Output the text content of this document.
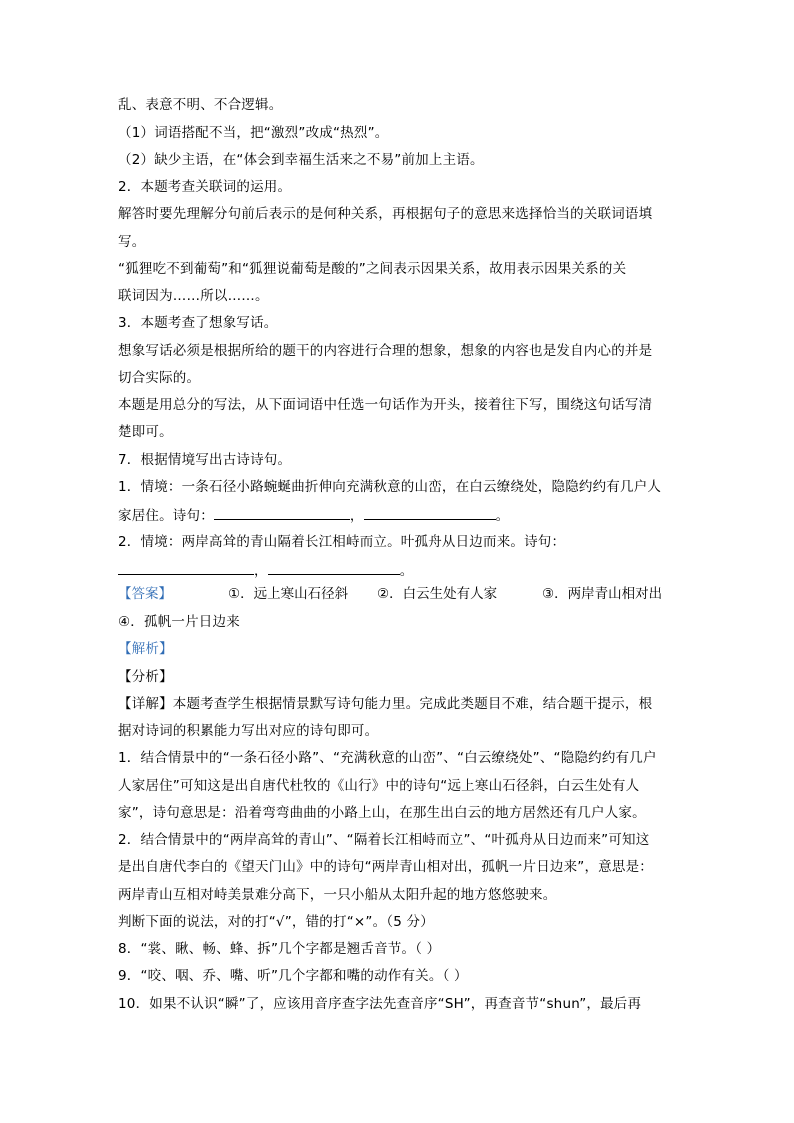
乱、表意不明、不合逻辑。
（1）词语搭配不当，把“激烈”改成“热烈”。
（2）缺少主语，在“体会到幸福生活来之不易”前加上主语。
2．本题考查关联词的运用。
解答时要先理解分句前后表示的是何种关系，再根据句子的意思来选择恰当的关联词语填
写。
“狐狸吃不到葡萄”和“狐狸说葡萄是酸的”之间表示因果关系，故用表示因果关系的关
联词因为……所以……。
3．本题考查了想象写话。
想象写话必须是根据所给的题干的内容进行合理的想象，想象的内容也是发自内心的并是
切合实际的。
本题是用总分的写法，从下面词语中任选一句话作为开头，接着往下写，围绕这句话写清
楚即可。
7．根据情境写出古诗诗句。
1．情境：一条石径小路蜿蜒曲折伸向充满秋意的山峦，在白云缭绕处，隐隐约约有几户人
家居住。诗句：	，	。
2．情境：两岸高耸的青山隔着长江相峙而立。叶孤舟从日边而来。诗句：
，	。
【答案】	①．远上寒山石径斜 ②．白云生处有人家	③．两岸青山相对出
④．孤帆一片日边来
【解析】
【分析】
【详解】本题考查学生根据情景默写诗句能力里。完成此类题目不难，结合题干提示，根
据对诗词的积累能力写出对应的诗句即可。
1．结合情景中的“一条石径小路”、“充满秋意的山峦”、“白云缭绕处”、“隐隐约约有几户
人家居住”可知这是出自唐代杜牧的《山行》中的诗句“远上寒山石径斜，白云生处有人
家”，诗句意思是：沿着弯弯曲曲的小路上山，在那生出白云的地方居然还有几户人家。
2．结合情景中的“两岸高耸的青山”、“隔着长江相峙而立”、“叶孤舟从日边而来”可知这
是出自唐代李白的《望天门山》中的诗句“两岸青山相对出，孤帆一片日边来”，意思是：
两岸青山互相对峙美景难分高下，一只小船从太阳升起的地方悠悠驶来。
判断下面的说法，对的打“√”，错的打“×”。（5 分）
8．“裳、瞅、畅、蜂、拆”几个字都是翘舌音节。（ ）
9．“咬、咽、乔、嘴、听”几个字都和嘴的动作有关。（ ）
10．如果不认识“瞬”了，应该用音序查字法先查音序“SH”，再查音节“shun”，最后再
